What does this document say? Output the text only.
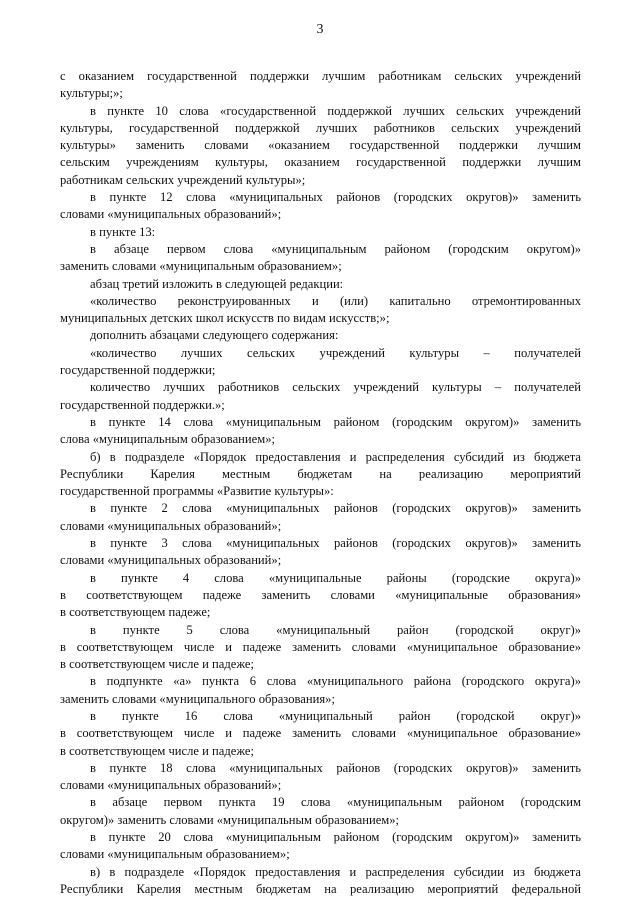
3
с оказанием государственной поддержки лучшим работникам сельских учреждений
культуры;»;
в пункте 10 слова «государственной поддержкой лучших сельских учреждений
культуры, государственной поддержкой лучших работников сельских учреждений
культуры» заменить словами «оказанием государственной поддержки лучшим
сельским учреждениям культуры, оказанием государственной поддержки лучшим
работникам сельских учреждений культуры»;
в пункте 12 слова «муниципальных районов (городских округов)» заменить
словами «муниципальных образований»;
в пункте 13:
в абзаце первом слова «муниципальным районом (городским округом)»
заменить словами «муниципальным образованием»;
абзац третий изложить в следующей редакции:
«количество реконструированных и (или) капитально отремонтированных
муниципальных детских школ искусств по видам искусств;»;
дополнить абзацами следующего содержания:
«количество лучших сельских учреждений культуры – получателей
государственной поддержки;
количество лучших работников сельских учреждений культуры – получателей
государственной поддержки.»;
в пункте 14 слова «муниципальным районом (городским округом)» заменить
слова «муниципальным образованием»;
б) в подразделе «Порядок предоставления и распределения субсидий из бюджета
Республики Карелия местным бюджетам на реализацию мероприятий
государственной программы «Развитие культуры»:
в пункте 2 слова «муниципальных районов (городских округов)» заменить
словами «муниципальных образований»;
в пункте 3 слова «муниципальных районов (городских округов)» заменить
словами «муниципальных образований»;
в пункте 4 слова «муниципальные районы (городские округа)»
в соответствующем падеже заменить словами «муниципальные образования»
в соответствующем падеже;
в пункте 5 слова «муниципальный район (городской округ)»
в соответствующем числе и падеже заменить словами «муниципальное образование»
в соответствующем числе и падеже;
в подпункте «а» пункта 6 слова «муниципального района (городского округа)»
заменить словами «муниципального образования»;
в пункте 16 слова «муниципальный район (городской округ)»
в соответствующем числе и падеже заменить словами «муниципальное образование»
в соответствующем числе и падеже;
в пункте 18 слова «муниципальных районов (городских округов)» заменить
словами «муниципальных образований»;
в абзаце первом пункта 19 слова «муниципальным районом (городским
округом)» заменить словами «муниципальным образованием»;
в пункте 20 слова «муниципальным районом (городским округом)» заменить
словами «муниципальным образованием»;
в) в подразделе «Порядок предоставления и распределения субсидии из бюджета
Республики Карелия местным бюджетам на реализацию мероприятий федеральной
